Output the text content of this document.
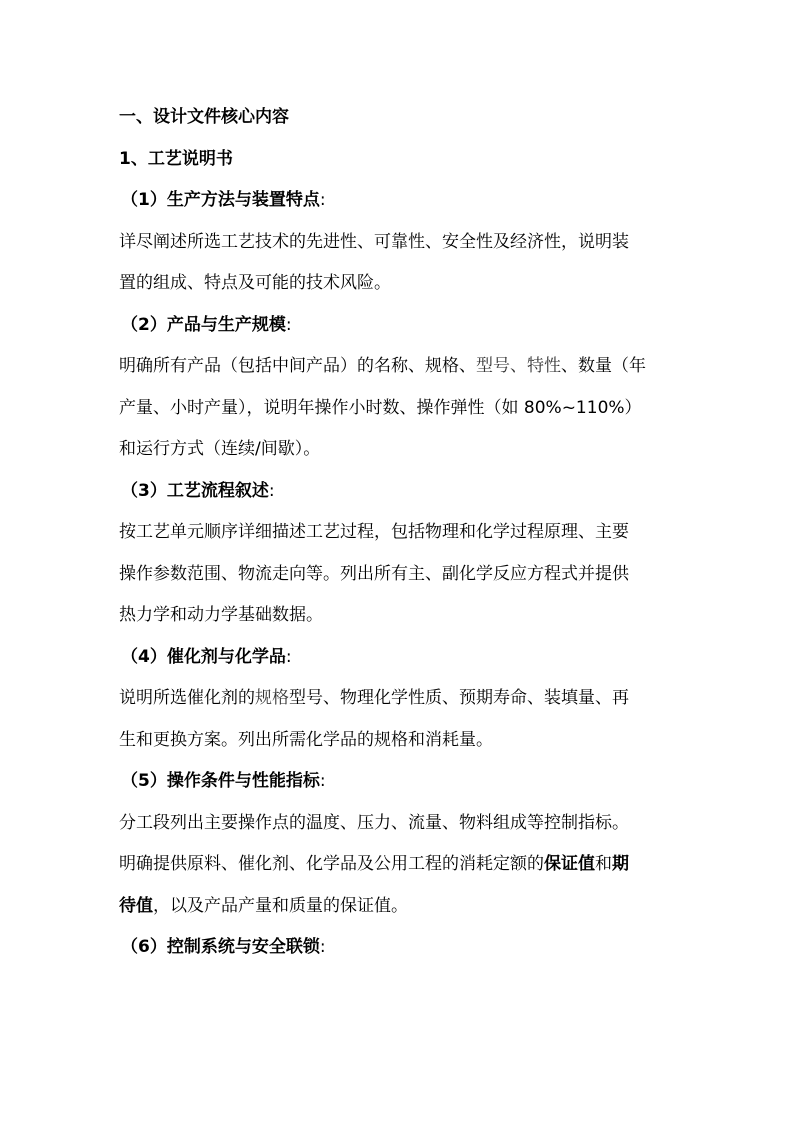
一、设计文件核心内容

1、工艺说明书

（1）生产方法与装置特点:

详尽阐述所选工艺技术的先进性、可靠性、安全性及经济性，说明装

置的组成、特点及可能的技术风险。

（2）产品与生产规模:

明确所有产品（包括中间产品）的名称、规格、型号、特性、数量（年

产量、小时产量），说明年操作小时数、操作弹性（如 80%~110%）

和运行方式（连续/间歇）。

（3）工艺流程叙述:

按工艺单元顺序详细描述工艺过程，包括物理和化学过程原理、主要

操作参数范围、物流走向等。列出所有主、副化学反应方程式并提供

热力学和动力学基础数据。

（4）催化剂与化学品:

说明所选催化剂的规格型号、物理化学性质、预期寿命、装填量、再

生和更换方案。列出所需化学品的规格和消耗量。

（5）操作条件与性能指标:

分工段列出主要操作点的温度、压力、流量、物料组成等控制指标。

明确提供原料、催化剂、化学品及公用工程的消耗定额的保证值和期

待值，以及产品产量和质量的保证值。

（6）控制系统与安全联锁:
